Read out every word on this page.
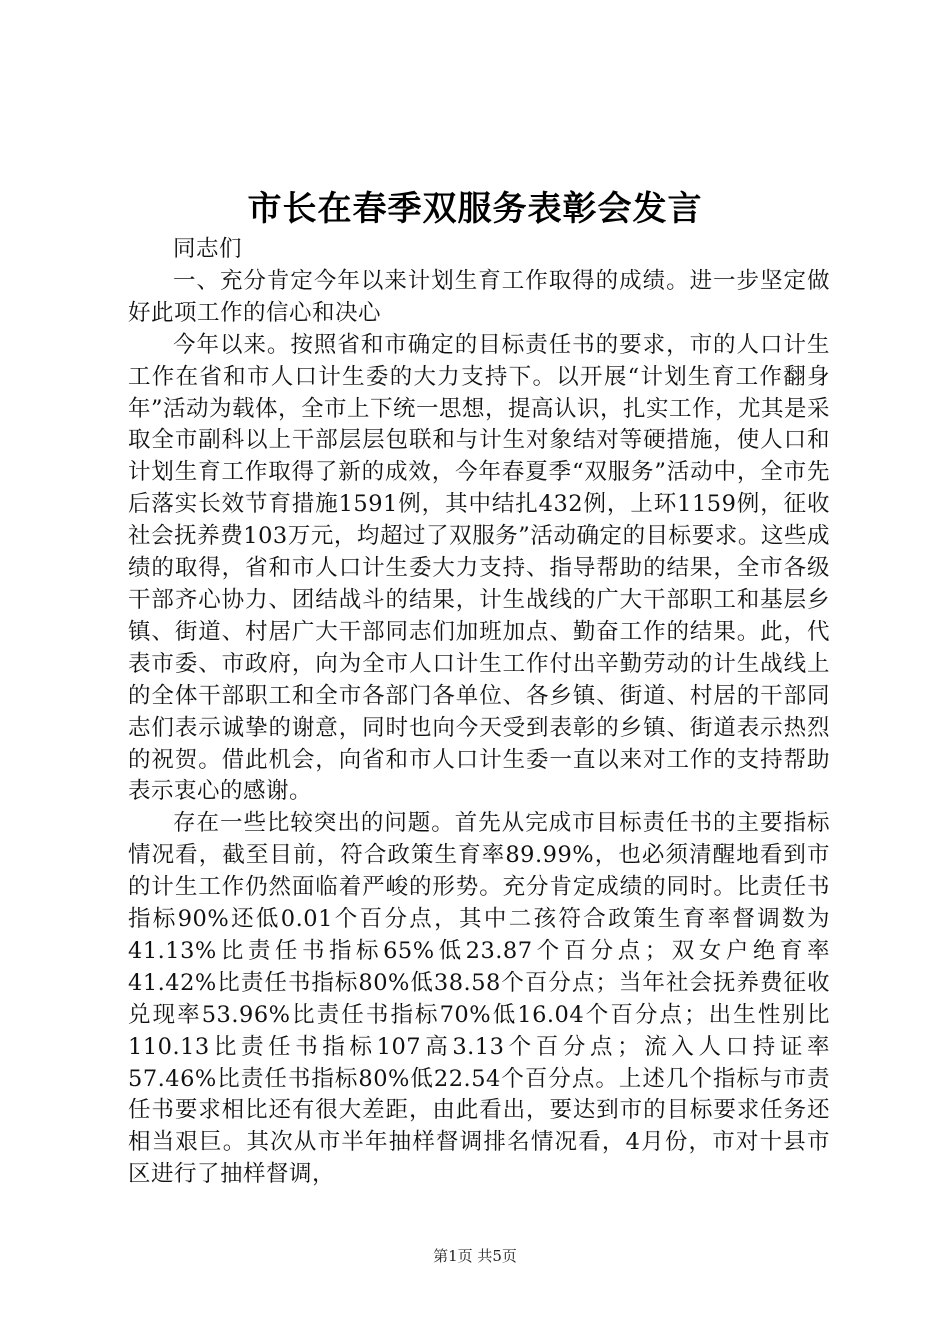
市长在春季双服务表彰会发言

同志们

一、充分肯定今年以来计划生育工作取得的成绩。进一步坚定做好此项工作的信心和决心

今年以来。按照省和市确定的目标责任书的要求，市的人口计生工作在省和市人口计生委的大力支持下。以开展“计划生育工作翻身年”活动为载体，全市上下统一思想，提高认识，扎实工作，尤其是采取全市副科以上干部层层包联和与计生对象结对等硬措施，使人口和计划生育工作取得了新的成效，今年春夏季“双服务”活动中，全市先后落实长效节育措施1591例，其中结扎432例，上环1159例，征收社会抚养费103万元，均超过了双服务”活动确定的目标要求。这些成绩的取得，省和市人口计生委大力支持、指导帮助的结果，全市各级干部齐心协力、团结战斗的结果，计生战线的广大干部职工和基层乡镇、街道、村居广大干部同志们加班加点、勤奋工作的结果。此，代表市委、市政府，向为全市人口计生工作付出辛勤劳动的计生战线上的全体干部职工和全市各部门各单位、各乡镇、街道、村居的干部同志们表示诚挚的谢意，同时也向今天受到表彰的乡镇、街道表示热烈的祝贺。借此机会，向省和市人口计生委一直以来对工作的支持帮助表示衷心的感谢。

存在一些比较突出的问题。首先从完成市目标责任书的主要指标情况看，截至目前，符合政策生育率89.99%，也必须清醒地看到市的计生工作仍然面临着严峻的形势。充分肯定成绩的同时。比责任书指标90%还低0.01个百分点，其中二孩符合政策生育率督调数为41.13%比责任书指标65%低23.87个百分点；双女户绝育率41.42%比责任书指标80%低38.58个百分点；当年社会抚养费征收兑现率53.96%比责任书指标70%低16.04个百分点；出生性别比110.13比责任书指标107高3.13个百分点；流入人口持证率57.46%比责任书指标80%低22.54个百分点。上述几个指标与市责任书要求相比还有很大差距，由此看出，要达到市的目标要求任务还相当艰巨。其次从市半年抽样督调排名情况看，4月份，市对十县市区进行了抽样督调，

第1页 共5页
